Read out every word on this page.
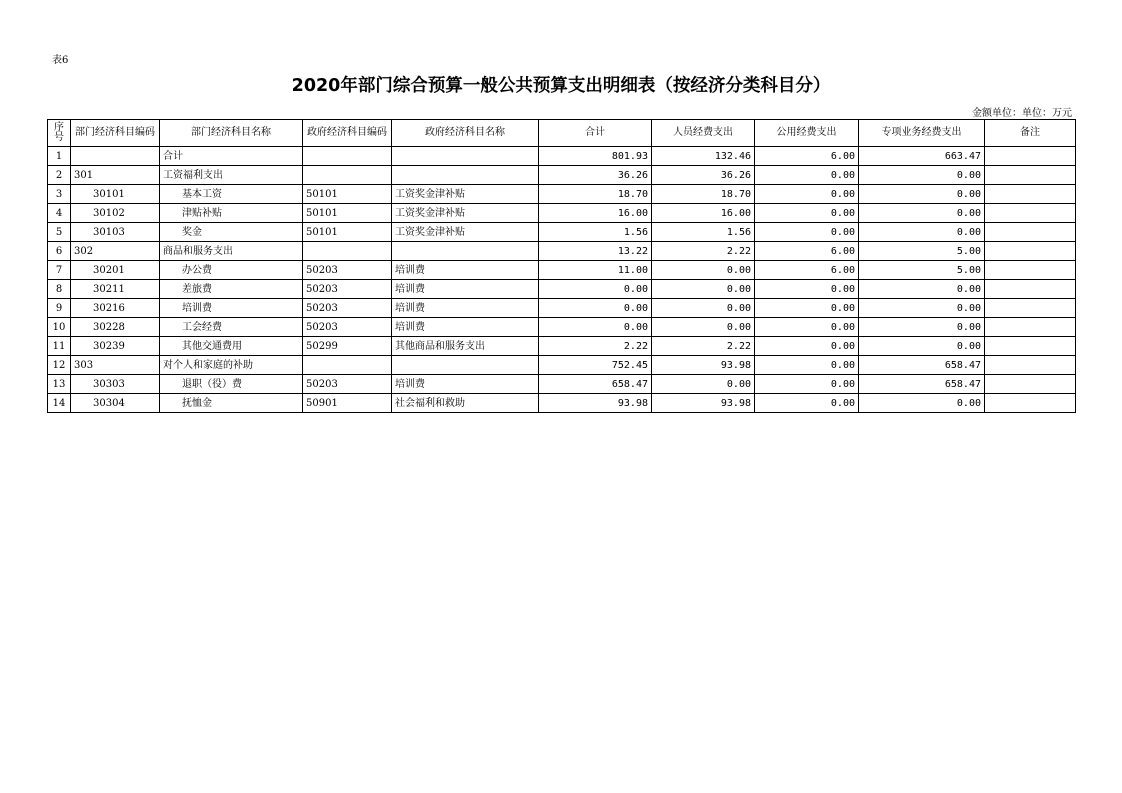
表6
2020年部门综合预算一般公共预算支出明细表（按经济分类科目分）
金额单位：单位：万元
序号	部门经济科目编码	部门经济科目名称	政府经济科目编码	政府经济科目名称	合计	人员经费支出	公用经费支出	专项业务经费支出	备注
1		合计			801.93	132.46	6.00	663.47	
2	301	工资福利支出			36.26	36.26	0.00	0.00	
3	30101	基本工资	50101	工资奖金津补贴	18.70	18.70	0.00	0.00	
4	30102	津贴补贴	50101	工资奖金津补贴	16.00	16.00	0.00	0.00	
5	30103	奖金	50101	工资奖金津补贴	1.56	1.56	0.00	0.00	
6	302	商品和服务支出			13.22	2.22	6.00	5.00	
7	30201	办公费	50203	培训费	11.00	0.00	6.00	5.00	
8	30211	差旅费	50203	培训费	0.00	0.00	0.00	0.00	
9	30216	培训费	50203	培训费	0.00	0.00	0.00	0.00	
10	30228	工会经费	50203	培训费	0.00	0.00	0.00	0.00	
11	30239	其他交通费用	50299	其他商品和服务支出	2.22	2.22	0.00	0.00	
12	303	对个人和家庭的补助			752.45	93.98	0.00	658.47	
13	30303	退职（役）费	50203	培训费	658.47	0.00	0.00	658.47	
14	30304	抚恤金	50901	社会福利和救助	93.98	93.98	0.00	0.00	
